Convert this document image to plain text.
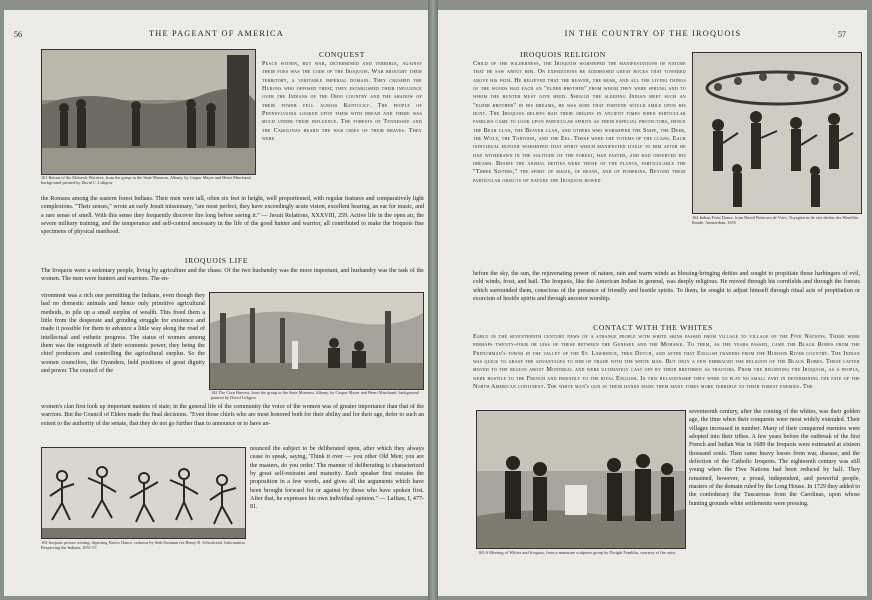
56	THE PAGEANT OF AMERICA

161 Return of the Mohawk Warriors, from the group in the State Museum, Albany, by Caspar Mayer and Henri Marchand, background painted by David C. Lithgow

CONQUEST

Peace within, but war, determined and terrible, against their foes was the code of the Iroquois. War brought them territory, a veritable imperial domain. They crushed the Hurons who opposed them; they established their influence over the Indians of the Ohio country and the shadow of their power fell across Kentucky. The people of Pennsylvania looked upon them with dread and there was much under their influence. The forests of Tennessee and the Carolinas heard the war cries of their braves. They were

the Romans among the eastern forest Indians. Their men were tall, often six feet in height, well proportioned, with regular features and comparatively light complexions. "Their senses," wrote an early Jesuit missionary, "are most perfect, they have exceedingly acute vision, excellent hearing, an ear for music, and a rare sense of smell. With this sense they frequently discover fire long before seeing it." — Jesuit Relations, XXXVIII, 259. Active life in the open air, the severe military training, and the temperance and self-control necessary in the life of the good hunter and warrior, all contributed to make the Iroquois fine specimens of physical manhood.

IROQUOIS LIFE

The Iroquois were a sedentary people, living by agriculture and the chase. Of the two husbandry was the more important, and husbandry was the task of the women. The men were hunters and warriors. The en-

vironment was a rich one permitting the Indians, even though they had no domestic animals and hence only primitive agricultural methods, to pile up a small surplus of wealth. This freed them a little from the desperate and grinding struggle for existence and made it possible for them to advance a little way along the road of intellectual and esthetic progress. The status of women among them was the outgrowth of their economic power, they being the chief producers and controlling the agricultural surplus. So the women councilors, the Oyanders, held positions of great dignity and power. The council of the

162 The Corn Harvest, from the group in the State Museum, Albany, by Caspar Mayer and Henri Marchand, background painted by David Lithgow

women's clan first took up important matters of state; in the general life of the community the voice of the women was of greater importance than that of the warriors. But the Council of Elders made the final decisions. "Even those chiefs who are most honored both for their ability and for their age, defer to such an extent to the authority of the senate, that they do not go further than to announce or to have an-

163 Iroquois picture writing, depicting Native Dance, redrawn by Seth Eastman for Henry R. Schoolcraft, Information Respecting the Indians, 1851-57

nounced the subject to be deliberated upon, after which they always cease to speak, saying, 'Think it over — you other Old Men; you are the masters, do you order.' The manner of deliberating is characterized by great self-restraint and maturity. Each speaker first restates the proposition in a few words, and gives all the arguments which have been brought forward for or against by those who have spoken first. After that, he expresses his own individual opinion." — Lafitau, I, 477-81.

IN THE COUNTRY OF THE IROQUOIS	57
IROQUOIS RELIGION

Child of the wilderness, the Iroquois worshiped the manifestations of nature that he saw about him. On expeditions he addressed great rocks that towered above his path. He believed that the beaver, the bear, and all the living things of the woods had each an "elder brother" from whom they were sprung and to whom the hunter must give heed. Should the sleeping Indian meet such an "elder brother" in his dreams, he was sure that fortune would smile upon his hunt. The Iroquois beliefs had their origins in ancient times when particular families came to look upon particular spirits as their especial protectors, hence the Bear clan, the Beaver clan, and others who worshiped the Snipe, the Deer, the Wolf, the Tortoise, and the Eel. These were the totems of the clans. Each individual hunter worshiped that spirit which manifested itself to him after he had withdrawn in the solitude of the forest, had fasted, and had observed his dreams. Beside the animal deities were those of the plants, particularly the "Three Sisters," the spirit of maize, of beans, and of pumpkins. Beyond these particular objects of nature the Iroquois bowed

164 Indian Feast Dance, from David Pietersen de Vries, Voyagien in de vier deelen des Wereldts-Ronde, Amsterdam, 1655

before the sky, the sun, the rejuvenating power of nature, rain and warm winds as blessing-bringing deities and sought to propitiate those harbingers of evil, cold winds, frost, and hail. The Iroquois, like the American Indian in general, was deeply religious. He moved through his cornfields and through the forests which surrounded them, conscious of the presence of friendly and hostile spirits. To them, he sought to adjust himself through ritual acts of propitiation or exorcism of hostile spirits and through ancestor worship.

CONTACT WITH THE WHITES

Early in the seventeenth century news of a strange people with white skins passed from village to village of the Five Nations. There were perhaps twenty-four or less of these between the Genesee and the Mohawk. To them, as the years passed, came the Black Robes from the Frenchman's towns in the valley of the St. Lawrence, then Dutch, and after that English traders from the Hudson River country. The Indian was quick to grasp the advantages to him of trade with the white man. But only a few embraced the religion of the Black Robes. These latter moved to the region about Montreal and were ultimately cast off by their brethren as traitors. From the beginning the Iroquois, as a people, were hostile to the French and friendly to the rival English. In this relationship they were to play no small part in determining the fate of the North American continent. The white man's gun in their hands made them many times more terrible to their forest enemies. The

165 A Meeting of Whites and Iroquois, from a miniature sculpture group by Dwight Franklin, courtesy of the artist

seventeenth century, after the coming of the whites, was their golden age, the time when their conquests were most widely extended. Their villages increased in number. Many of their conquered enemies were adopted into their tribes. A few years before the outbreak of the first French and Indian War in 1689 the Iroquois were estimated at sixteen thousand souls. Then came heavy losses from war, disease, and the defection of the Catholic Iroquois. The eighteenth century was still young when the Five Nations had been reduced by half. They remained, however, a proud, independent, and powerful people, masters of the domain ruled by the Long House. In 1729 they added to the confederacy the Tuscaroras from the Carolinas, upon whose hunting grounds white settlements were pressing.
